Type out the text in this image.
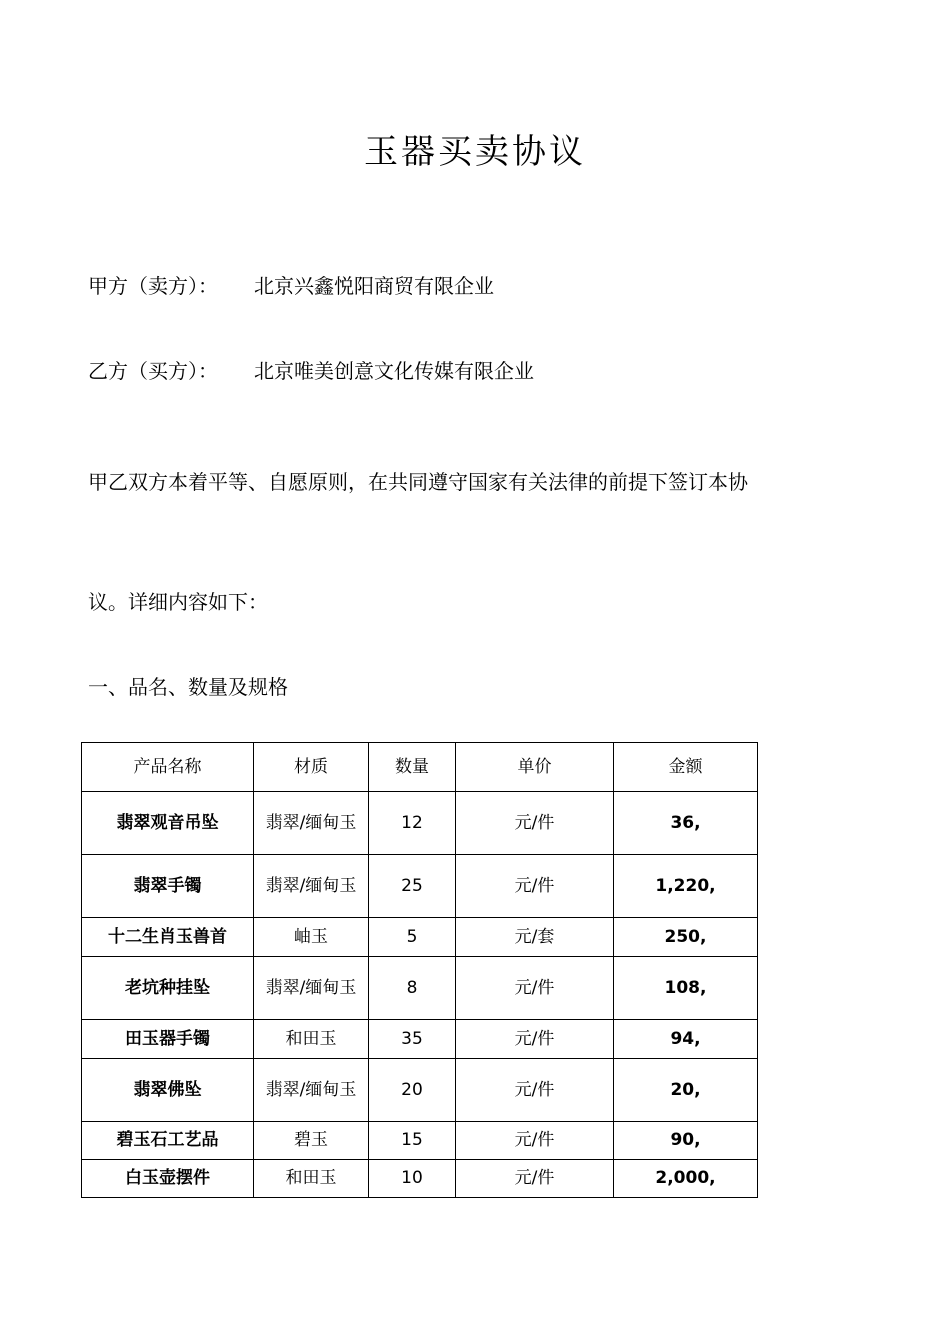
玉器买卖协议
甲方（卖方）： 北京兴鑫悦阳商贸有限企业
乙方（买方）： 北京唯美创意文化传媒有限企业
甲乙双方本着平等、自愿原则，在共同遵守国家有关法律的前提下签订本协
议。详细内容如下：
一、品名、数量及规格
产品名称	材质	数量	单价	金额
翡翠观音吊坠	翡翠/缅甸玉	12	元/件	36,
翡翠手镯	翡翠/缅甸玉	25	元/件	1,220,
十二生肖玉兽首	岫玉	5	元/套	250,
老坑种挂坠	翡翠/缅甸玉	8	元/件	108,
田玉器手镯	和田玉	35	元/件	94,
翡翠佛坠	翡翠/缅甸玉	20	元/件	20,
碧玉石工艺品	碧玉	15	元/件	90,
白玉壶摆件	和田玉	10	元/件	2,000,
